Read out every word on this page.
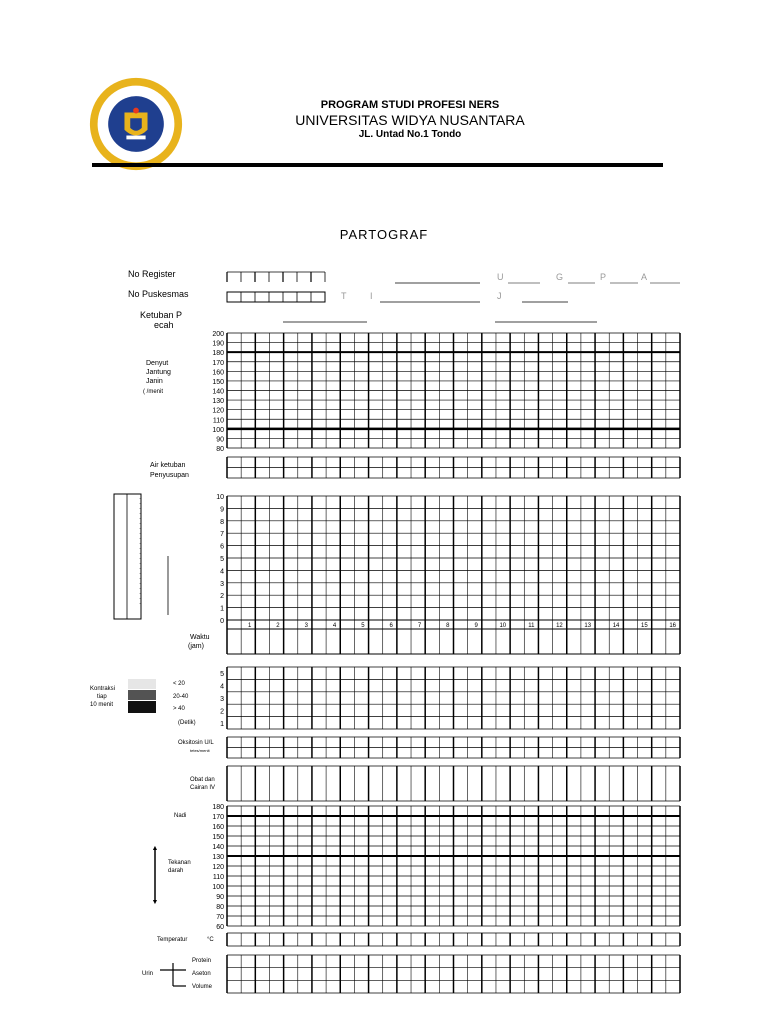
PROGRAM STUDI PROFESI NERS
UNIVERSITAS WIDYA NUSANTARA
JL. Untad No.1 Tondo
PARTOGRAF
No Register
No Puskesmas
Ketuban P
ecah
U	G	P	A
T	I	J
Denyut
Jantung
Janin
( /menit
Air ketuban
Penyusupan
Waktu
(jam)
Kontraksi
tiap
10 menit
< 20
20-40
> 40
(Detik)
Oksitosin U/L
tetes/menit
Obat dan
Cairan IV
Nadi
Tekanan
darah
Temperatur	°C
Urin
Protein
Aseton
Volume
200
190
180
170
160
150
140
130
120
110
100
90
80
10
9
8
7
6
5
4
3
2
1
0
1	2	3	4	5	6	7	8	9	10	11	12	13	14	15	16
·
·
·
·
·
·
·
·
·
·
·
·
·
·
·
·
·
·
·
·
·
·
5
4
3
2
1
180
170
160
150
140
130
120
110
100
90
80
70
60
▲
▼
